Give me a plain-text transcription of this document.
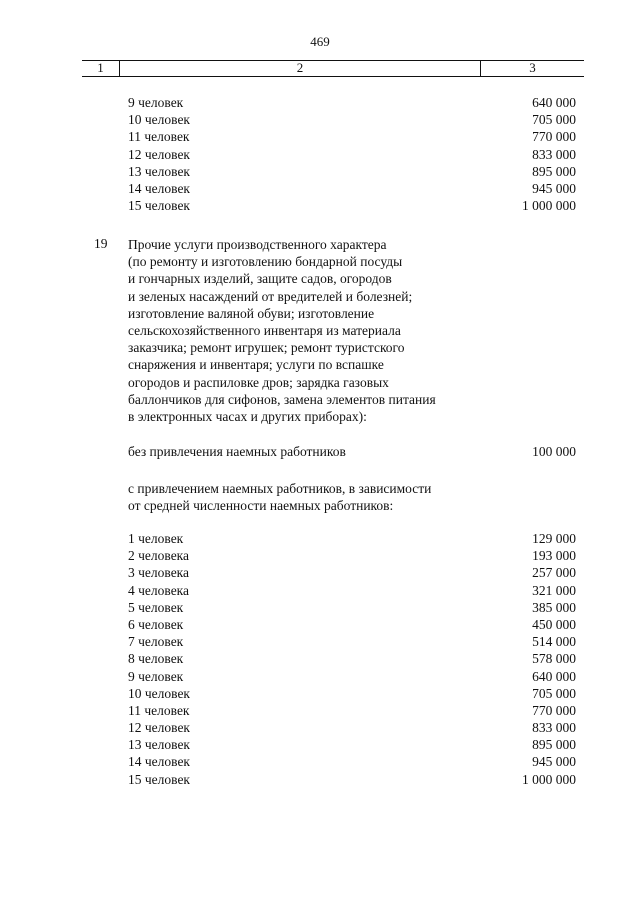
469
1	2	3
9 человек	640 000
10 человек	705 000
11 человек	770 000
12 человек	833 000
13 человек	895 000
14 человек	945 000
15 человек	1 000 000
19 Прочие услуги производственного характера
(по ремонту и изготовлению бондарной посуды
и гончарных изделий, защите садов, огородов
и зеленых насаждений от вредителей и болезней;
изготовление валяной обуви; изготовление
сельскохозяйственного инвентаря из материала
заказчика; ремонт игрушек; ремонт туристского
снаряжения и инвентаря; услуги по вспашке
огородов и распиловке дров; зарядка газовых
баллончиков для сифонов, замена элементов питания
в электронных часах и других приборах):
без привлечения наемных работников	100 000
с привлечением наемных работников, в зависимости
от средней численности наемных работников:
1 человек	129 000
2 человека	193 000
3 человека	257 000
4 человека	321 000
5 человек	385 000
6 человек	450 000
7 человек	514 000
8 человек	578 000
9 человек	640 000
10 человек	705 000
11 человек	770 000
12 человек	833 000
13 человек	895 000
14 человек	945 000
15 человек	1 000 000
